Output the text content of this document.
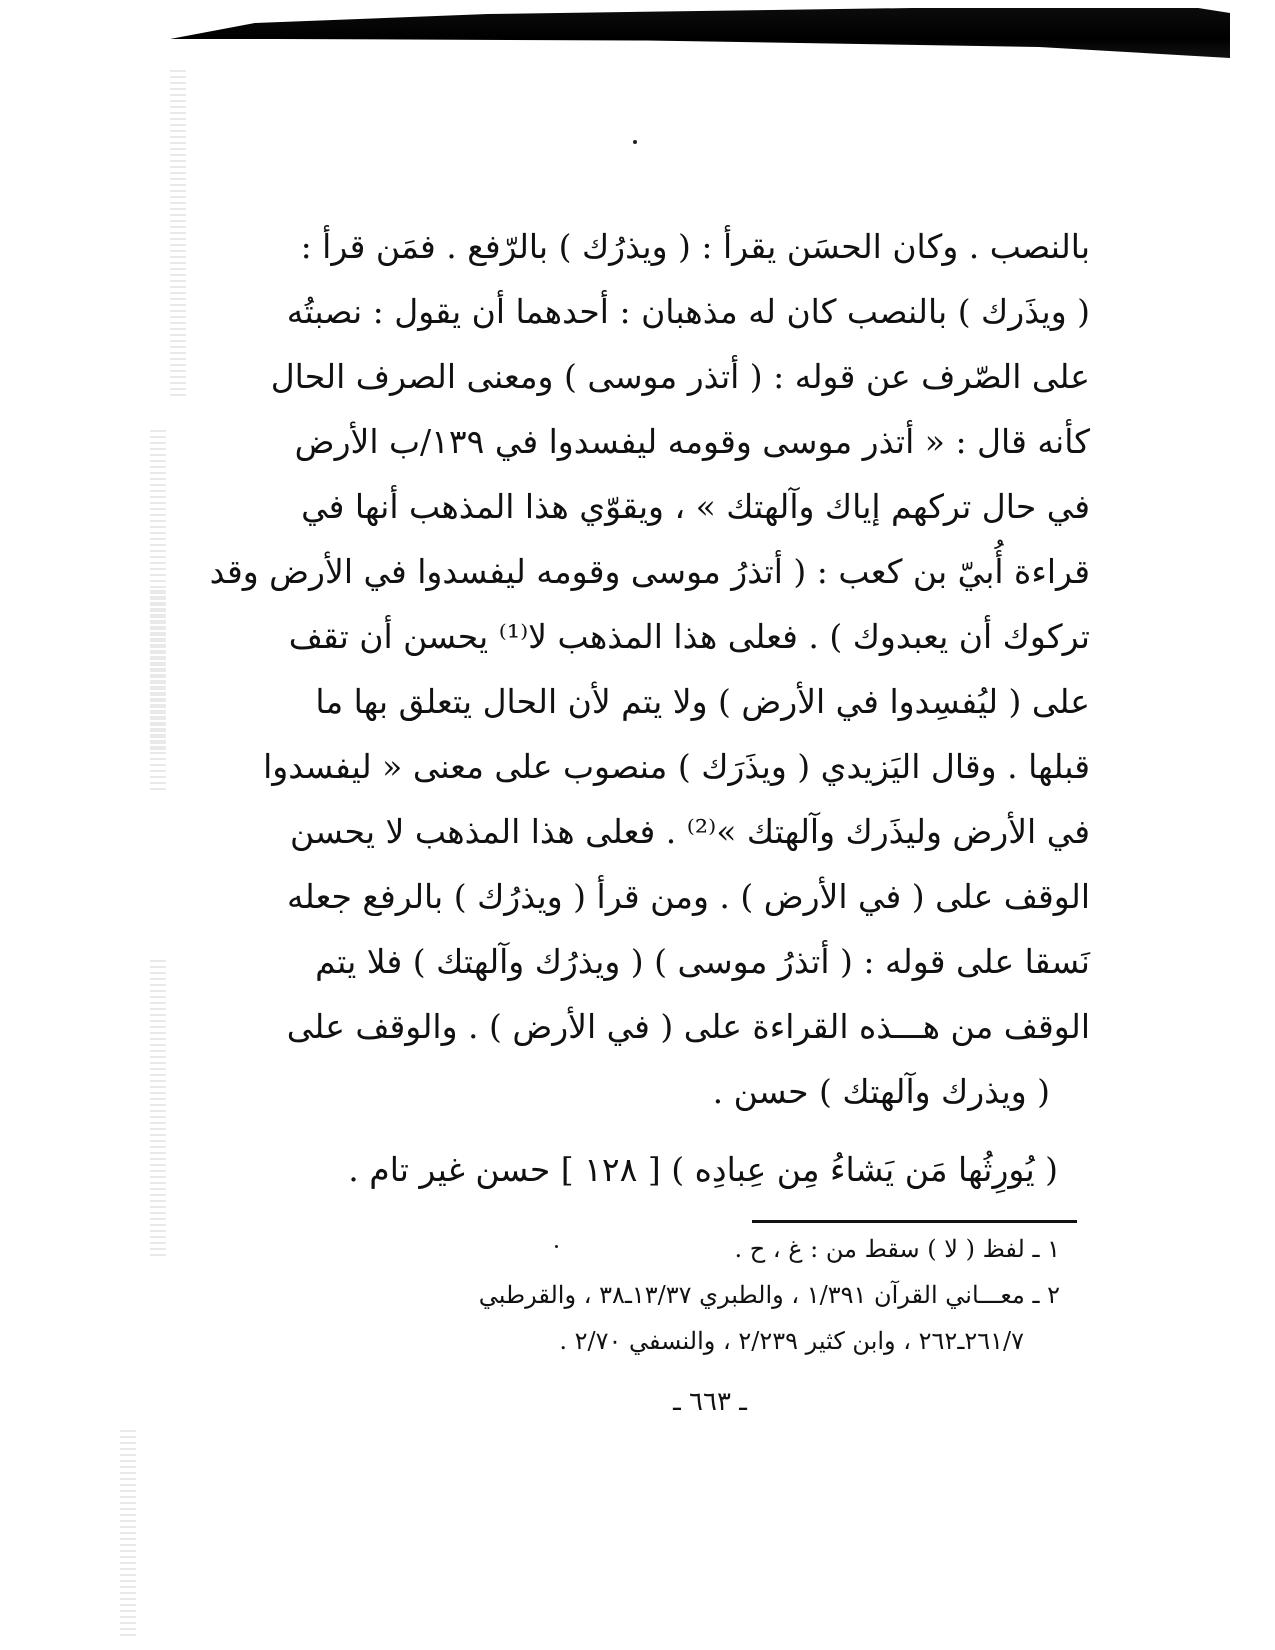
بالنصب . وكان الحسَن يقرأ : ( ويذرُك ) بالرّفع . فمَن قرأ :
( ويذَرك ) بالنصب كان له مذهبان : أحدهما أن يقول : نصبتُه
على الصّرف عن قوله : ( أتذر موسى ) ومعنى الصرف الحال
كأنه قال : « أتذر موسى وقومه ليفسدوا في ١٣٩/ب الأرض
في حال تركهم إياك وآلهتك » ، ويقوّي هذا المذهب أنها في
قراءة أُبيّ بن كعب : ( أتذرُ موسى وقومه ليفسدوا في الأرض وقد
تركوك أن يعبدوك ) . فعلى هذا المذهب لا⁽¹⁾ يحسن أن تقف
على ( ليُفسِدوا في الأرض ) ولا يتم لأن الحال يتعلق بها ما
قبلها . وقال اليَزيدي ( ويذَرَك ) منصوب على معنى « ليفسدوا
في الأرض وليذَرك وآلهتك »⁽²⁾ . فعلى هذا المذهب لا يحسن
الوقف على ( في الأرض ) . ومن قرأ ( ويذرُك ) بالرفع جعله
نَسقا على قوله : ( أتذرُ موسى ) ( ويذرُك وآلهتك ) فلا يتم
الوقف من هـــذه القراءة على ( في الأرض ) . والوقف على
( ويذرك وآلهتك ) حسن .
( يُورِثُها مَن يَشاءُ مِن عِبادِه ) [ ١٢٨ ] حسن غير تام .
١ ـ لفظ ( لا ) سقط من : غ ، ح .
٢ ـ معـــاني القرآن ١/٣٩١ ، والطبري ١٣/٣٧ـ٣٨ ، والقرطبي
٢٦١/٧ـ٢٦٢ ، وابن كثير ٢/٢٣٩ ، والنسفي ٢/٧٠ .
ـ ٦٦٣ ـ
